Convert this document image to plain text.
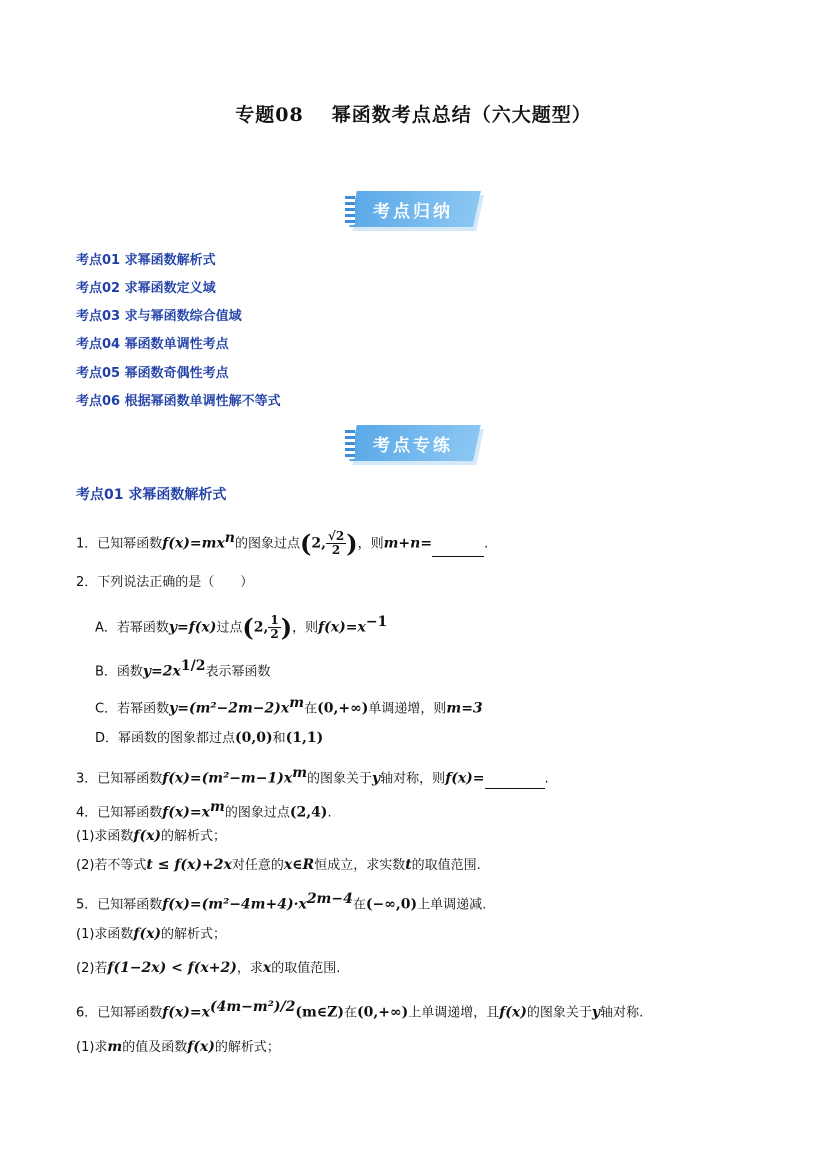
专题08 幂函数考点总结（六大题型）
考点归纳
考点01 求幂函数解析式
考点02 求幂函数定义域
考点03 求与幂函数综合值域
考点04 幂函数单调性考点
考点05 幂函数奇偶性考点
考点06 根据幂函数单调性解不等式
考点专练
考点01 求幂函数解析式
1．已知幂函数$f(x)=mx^n$的图象过点(2, $\frac{√2}{2}$ )，则m+n=	.
2．下列说法正确的是（　　）
A．若幂函数y=f(x)过点(2, $\frac{1}{2}$ )，则$f(x)=x^{-1}$
B．函数$y=2x^{1/2}$表示幂函数
C．若幂函数$y=(m^2-2m-2)x^m$在(0,+∞)单调递增，则m=3
D．幂函数的图象都过点(0,0)和(1,1)
3．已知幂函数$f(x)=(m^2-m-1)x^m$的图象关于y轴对称，则f(x)=	.
4．已知幂函数$f(x)=x^m$的图象过点(2,4).
(1)求函数f(x)的解析式；
(2)若不等式t ≤ f(x)+2x对任意的x∈R恒成立，求实数t的取值范围.
5．已知幂函数$f(x)=(m^2-4m+4)\cdot x^{2m-4}$在(−∞,0)上单调递减.
(1)求函数f(x)的解析式；
(2)若f(1−2x) < f(x+2)，求x的取值范围.
6．已知幂函数$f(x)=x^{(4m-m^2)/2}(m\in Z)$在(0,+∞)上单调递增，且f(x)的图象关于y轴对称.
(1)求m的值及函数f(x)的解析式；
